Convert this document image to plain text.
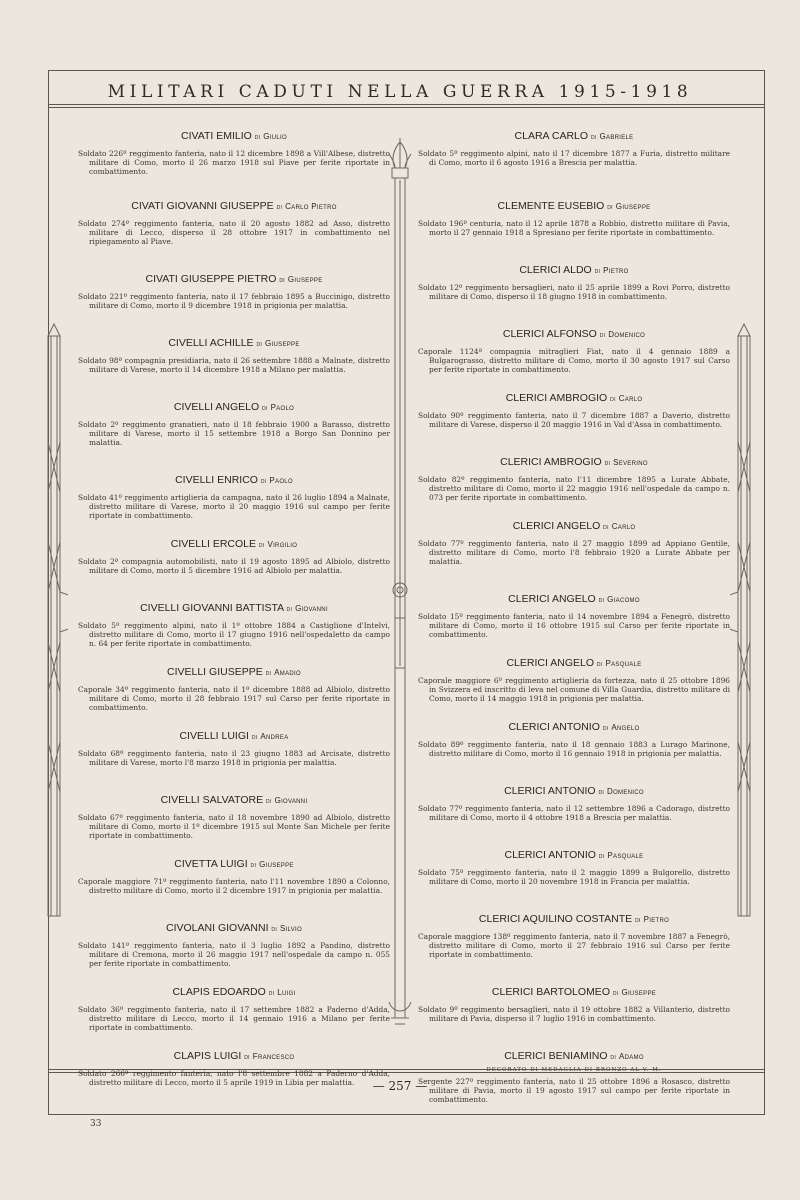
MILITARI CADUTI NELLA GUERRA 1915-1918
CIVATI EMILIO di Giulio
Soldato 226º reggimento fanteria, nato il 12 dicembre 1898 a Vill'Albese, distretto militare di Como, morto il 26 marzo 1918 sul Piave per ferite riportate in combattimento.
CIVATI GIOVANNI GIUSEPPE di Carlo Pietro
Soldato 274º reggimento fanteria, nato il 20 agosto 1882 ad Asso, distretto militare di Lecco, disperso il 28 ottobre 1917 in combattimento nel ripiegamento al Piave.
CIVATI GIUSEPPE PIETRO di Giuseppe
Soldato 221º reggimento fanteria, nato il 17 febbraio 1895 a Buccinigo, distretto militare di Como, morto il 9 dicembre 1918 in prigionia per malattia.
CIVELLI ACHILLE di Giuseppe
Soldato 98ª compagnia presidiaria, nato il 26 settembre 1888 a Malnate, distretto militare di Varese, morto il 14 dicembre 1918 a Milano per malattia.
CIVELLI ANGELO di Paolo
Soldato 2º reggimento granatieri, nato il 18 febbraio 1900 a Barasso, distretto militare di Varese, morto il 15 settembre 1918 a Borgo San Donnino per malattia.
CIVELLI ENRICO di Paolo
Soldato 41º reggimento artiglieria da campagna, nato il 26 luglio 1894 a Malnate, distretto militare di Varese, morto il 20 maggio 1916 sul campo per ferite riportate in combattimento.
CIVELLI ERCOLE di Virgilio
Soldato 2ª compagnia automobilisti, nato il 19 agosto 1895 ad Albiolo, distretto militare di Como, morto il 5 dicembre 1916 ad Albiolo per malattia.
CIVELLI GIOVANNI BATTISTA di Giovanni
Soldato 5º reggimento alpini, nato il 1º ottobre 1884 a Castiglione d'Intelvi, distretto militare di Como, morto il 17 giugno 1916 nell'ospedaletto da campo n. 64 per ferite riportate in combattimento.
CIVELLI GIUSEPPE di Amadio
Caporale 34º reggimento fanteria, nato il 1º dicembre 1888 ad Albiolo, distretto militare di Como, morto il 28 febbraio 1917 sul Carso per ferite riportate in combattimento.
CIVELLI LUIGI di Andrea
Soldato 68º reggimento fanteria, nato il 23 giugno 1883 ad Arcisate, distretto militare di Varese, morto l'8 marzo 1918 in prigionia per malattia.
CIVELLI SALVATORE di Giovanni
Soldato 67º reggimento fanteria, nato il 18 novembre 1890 ad Albiolo, distretto militare di Como, morto il 1º dicembre 1915 sul Monte San Michele per ferite riportate in combattimento.
CIVETTA LUIGI di Giuseppe
Caporale maggiore 71º reggimento fanteria, nato l'11 novembre 1890 a Colonno, distretto militare di Como, morto il 2 dicembre 1917 in prigionia per malattia.
CIVOLANI GIOVANNI di Silvio
Soldato 141º reggimento fanteria, nato il 3 luglio 1892 a Pandino, distretto militare di Cremona, morto il 26 maggio 1917 nell'ospedale da campo n. 055 per ferite riportate in combattimento.
CLAPIS EDOARDO di Luigi
Soldato 36º reggimento fanteria, nato il 17 settembre 1882 a Paderno d'Adda, distretto militare di Lecco, morto il 14 gennaio 1916 a Milano per ferite riportate in combattimento.
CLAPIS LUIGI di Francesco
Soldato 266º reggimento fanteria, nato l'8 settembre 1882 a Paderno d'Adda, distretto militare di Lecco, morto il 5 aprile 1919 in Libia per malattia.
CLARA CARLO di Gabriele
Soldato 5º reggimento alpini, nato il 17 dicembre 1877 a Furia, distretto militare di Como, morto il 6 agosto 1916 a Brescia per malattia.
CLEMENTE EUSEBIO di Giuseppe
Soldato 196ª centuria, nato il 12 aprile 1878 a Robbio, distretto militare di Pavia, morto il 27 gennaio 1918 a Spresiano per ferite riportate in combattimento.
CLERICI ALDO di Pietro
Soldato 12º reggimento bersaglieri, nato il 25 aprile 1899 a Rovi Porro, distretto militare di Como, disperso il 18 giugno 1918 in combattimento.
CLERICI ALFONSO di Domenico
Caporale 1124ª compagnia mitraglieri Fiat, nato il 4 gennaio 1889 a Bulgarograsso, distretto militare di Como, morto il 30 agosto 1917 sul Carso per ferite riportate in combattimento.
CLERICI AMBROGIO di Carlo
Soldato 90º reggimento fanteria, nato il 7 dicembre 1887 a Daverio, distretto militare di Varese, disperso il 20 maggio 1916 in Val d'Assa in combattimento.
CLERICI AMBROGIO di Severino
Soldato 82º reggimento fanteria, nato l'11 dicembre 1895 a Lurate Abbate, distretto militare di Como, morto il 22 maggio 1916 nell'ospedale da campo n. 073 per ferite riportate in combattimento.
CLERICI ANGELO di Carlo
Soldato 77º reggimento fanteria, nato il 27 maggio 1899 ad Appiano Gentile, distretto militare di Como, morto l'8 febbraio 1920 a Lurate Abbate per malattia.
CLERICI ANGELO di Giacomo
Soldato 15º reggimento fanteria, nato il 14 novembre 1894 a Fenegrò, distretto militare di Como, morto il 16 ottobre 1915 sul Carso per ferite riportate in combattimento.
CLERICI ANGELO di Pasquale
Caporale maggiore 6º reggimento artiglieria da fortezza, nato il 25 ottobre 1896 in Svizzera ed inscritto di leva nel comune di Villa Guardia, distretto militare di Como, morto il 14 maggio 1918 in prigionia per malattia.
CLERICI ANTONIO di Angelo
Soldato 89º reggimento fanteria, nato il 18 gennaio 1883 a Lurago Marinone, distretto militare di Como, morto il 16 gennaio 1918 in prigionia per malattia.
CLERICI ANTONIO di Domenico
Soldato 77º reggimento fanteria, nato il 12 settembre 1896 a Cadorago, distretto militare di Como, morto il 4 ottobre 1918 a Brescia per malattia.
CLERICI ANTONIO di Pasquale
Soldato 75º reggimento fanteria, nato il 2 maggio 1899 a Bulgorello, distretto militare di Como, morto il 20 novembre 1918 in Francia per malattia.
CLERICI AQUILINO COSTANTE di Pietro
Caporale maggiore 138º reggimento fanteria, nato il 7 novembre 1887 a Fenegrò, distretto militare di Como, morto il 27 febbraio 1916 sul Carso per ferite riportate in combattimento.
CLERICI BARTOLOMEO di Giuseppe
Soldato 9º reggimento bersaglieri, nato il 19 ottobre 1882 a Villanterio, distretto militare di Pavia, disperso il 7 luglio 1916 in combattimento.
CLERICI BENIAMINO di Adamo
DECORATO DI MEDAGLIA DI BRONZO AL V. M.
Sergente 227º reggimento fanteria, nato il 25 ottobre 1896 a Rosasco, distretto militare di Pavia, morto il 19 agosto 1917 sul campo per ferite riportate in combattimento.
— 257 —
33
